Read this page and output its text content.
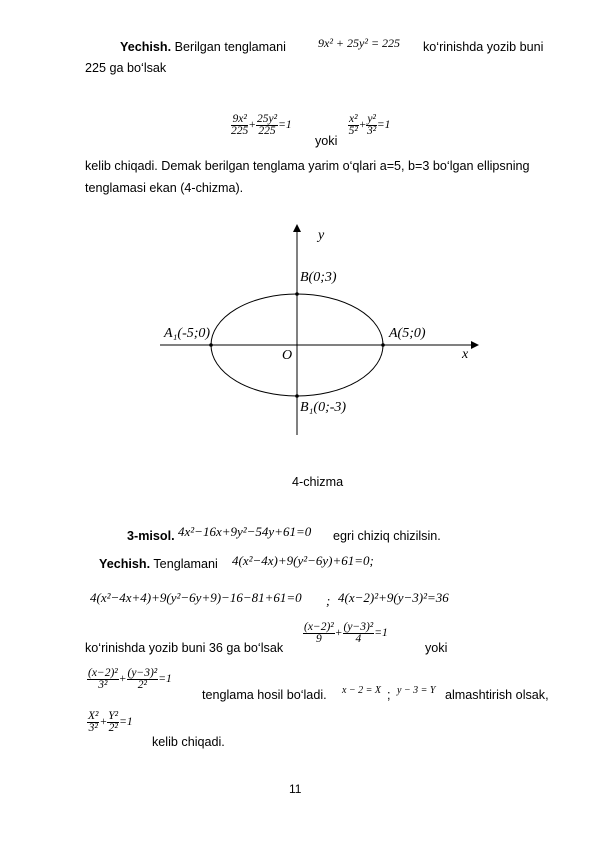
Yechish. Berilgan tenglamani	9x² + 25y² = 225 ko‘rinishda yozib buni
225 ga bo‘lsak
$\frac{\text{9x²}}{225} + \frac{\text{25y²}}{225} =1$
yoki
$\frac{\text{x²}}{\text{5²}} + \frac{\text{y²}}{\text{3²}} =1$
kelib chiqadi. Demak berilgan tenglama yarim o‘qlari a=5, b=3 bo‘lgan ellipsning
tenglamasi ekan (4-chizma).
y
x
O
B(0;3)
B₁(0;-3)
A(5;0)
A₁(-5;0)
4-chizma
3-misol. 4x²−16x+9y²−54y+61=0 egri chiziq chizilsin.
Yechish. Tenglamani 4(x²−4x)+9(y²−6y)+61=0;
4(x²−4x+4)+9(y²−6y+9)−16−81+61=0 ; 4(x−2)²+9(y−3)²=36
ko‘rinishda yozib buni 36 ga bo‘lsak
$\frac{\text{(x−2)²}}{9} + \frac{\text{(y−3)²}}{4} =1$
yoki
$\frac{\text{(x−2)²}}{\text{3²}} + \frac{\text{(y−3)²}}{\text{2²}} =1$
tenglama hosil bo‘ladi. x − 2 = X ; y − 3 = Y almashtirish olsak,
$\frac{\text{X²}}{\text{3²}} + \frac{\text{Y²}}{\text{2²}} =1$
kelib chiqadi.
11
